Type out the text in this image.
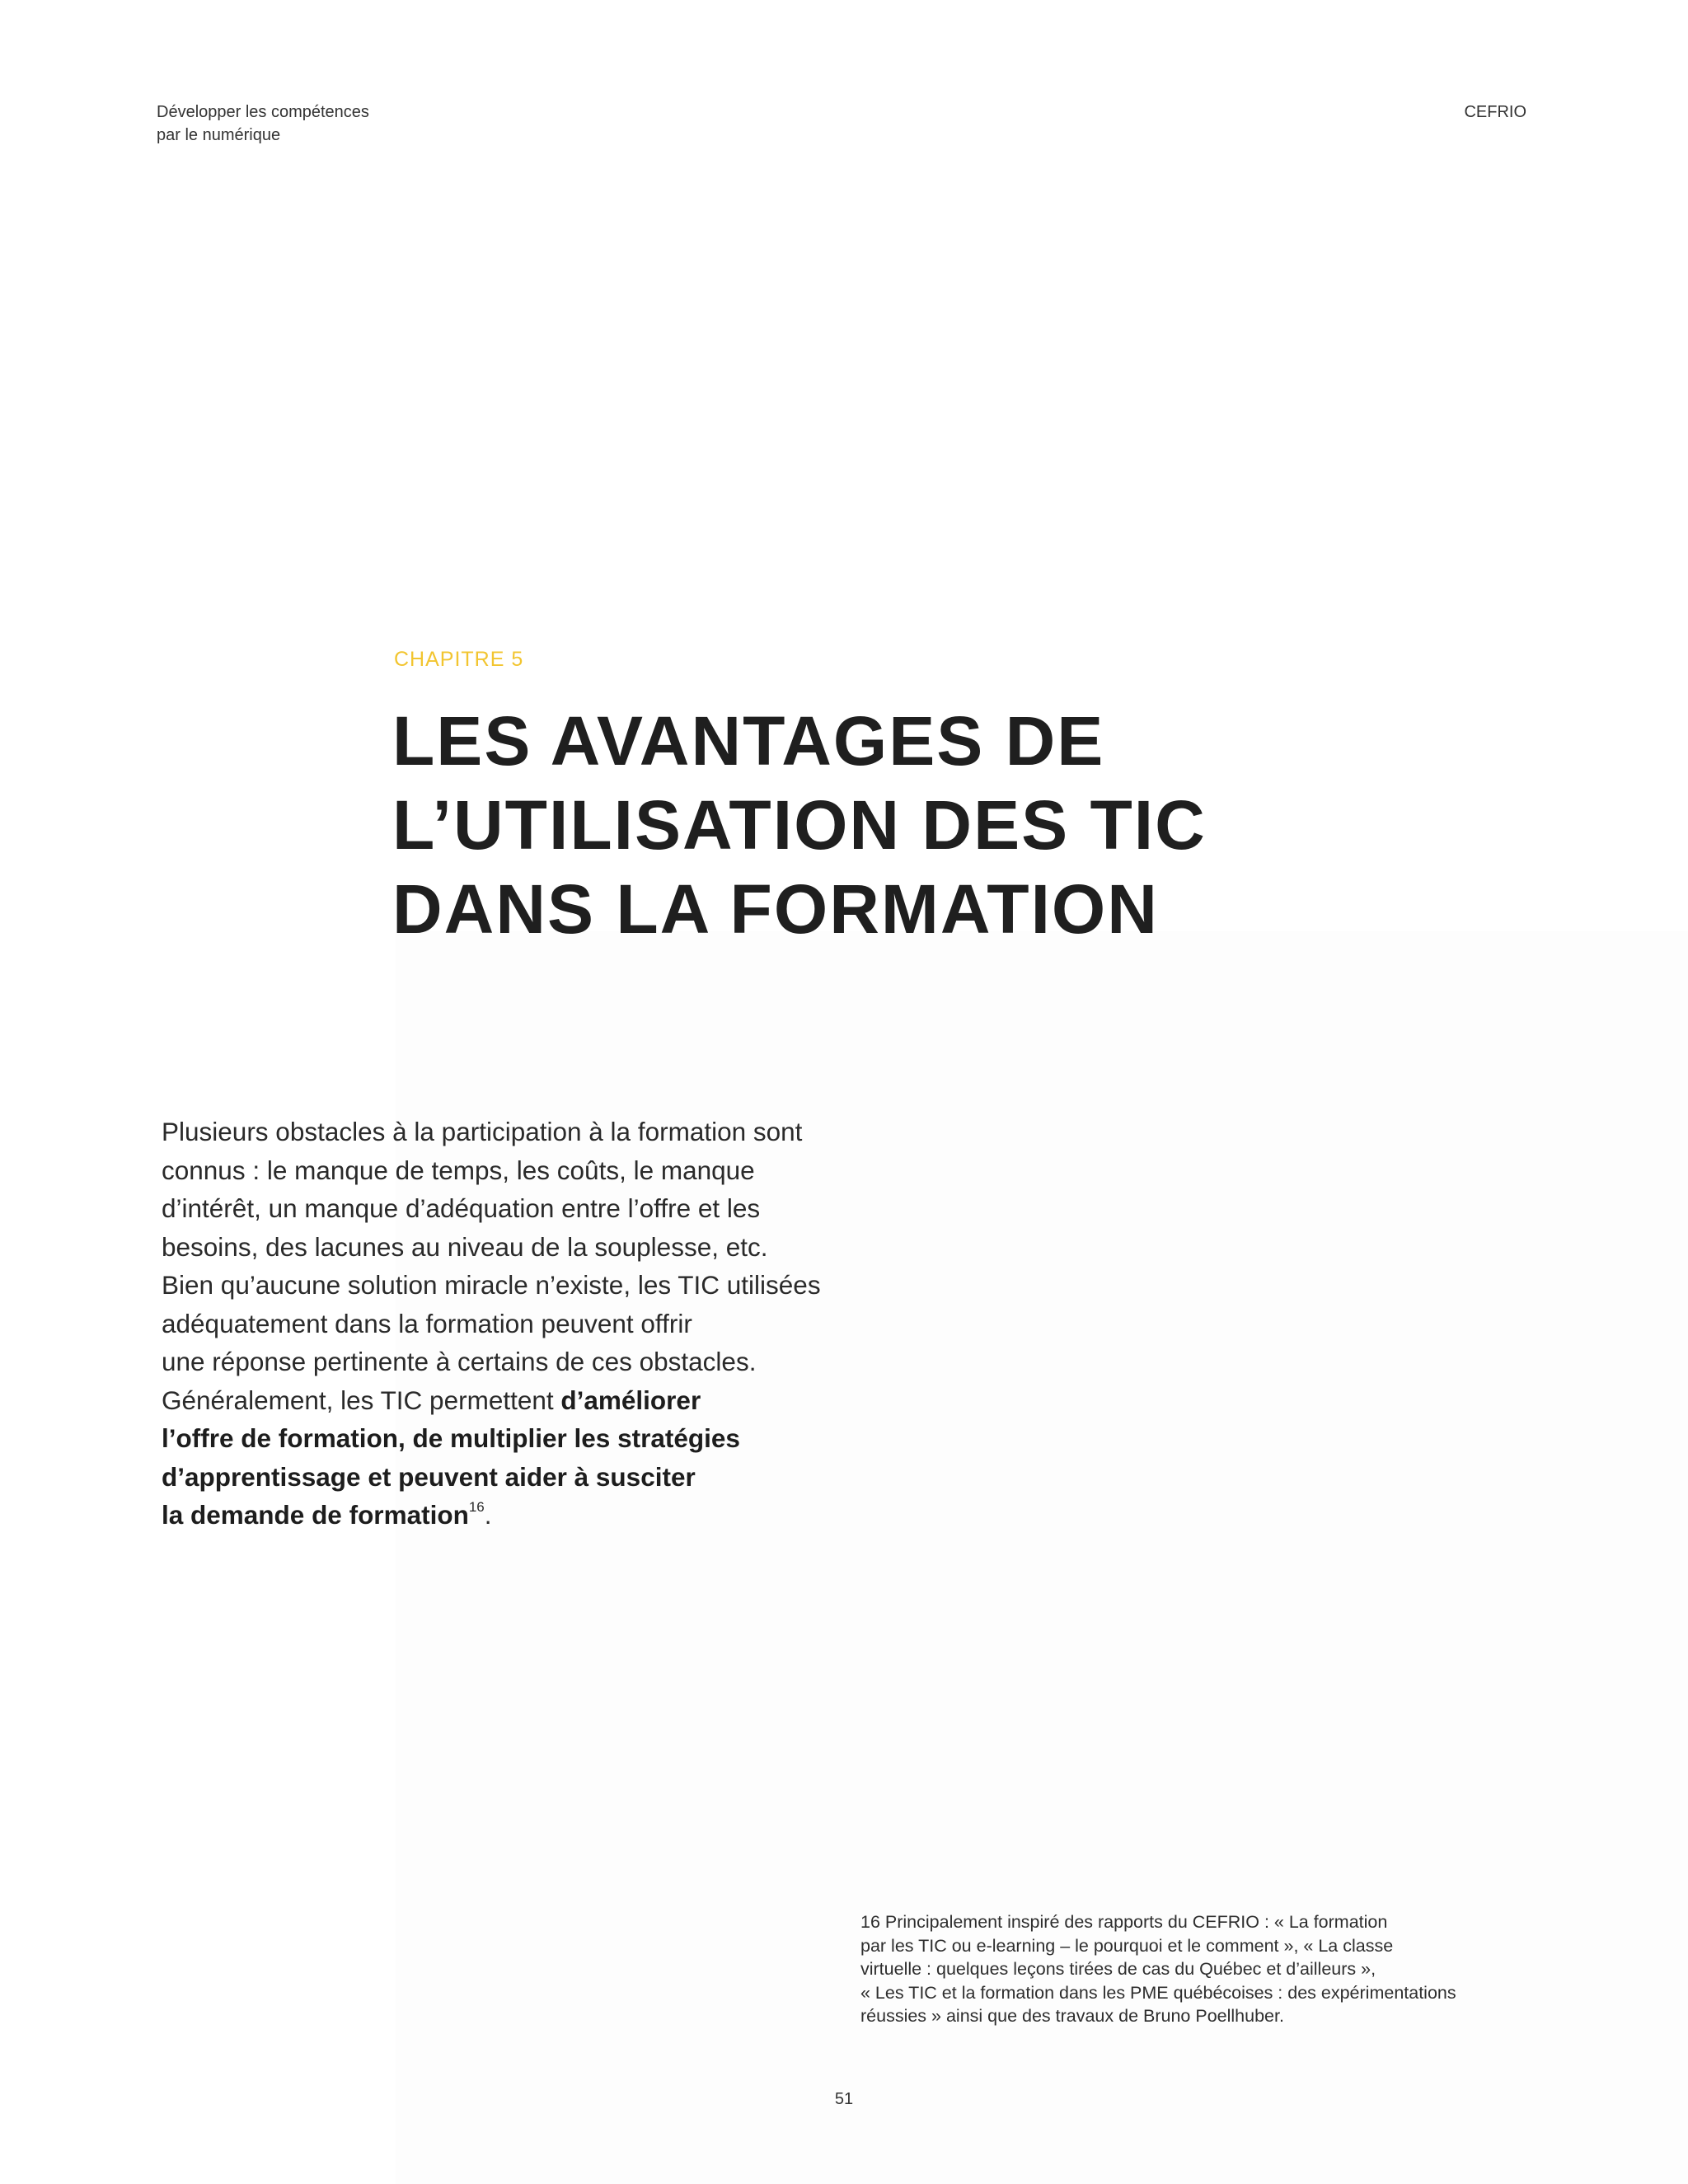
Développer les compétences
par le numérique
CEFRIO
CHAPITRE 5
LES AVANTAGES DE
L’UTILISATION DES TIC
DANS LA FORMATION
Plusieurs obstacles à la participation à la formation sont
connus : le manque de temps, les coûts, le manque
d’intérêt, un manque d’adéquation entre l’offre et les
besoins, des lacunes au niveau de la souplesse, etc.
Bien qu’aucune solution miracle n’existe, les TIC utilisées
adéquatement dans la formation peuvent offrir
une réponse pertinente à certains de ces obstacles.
Généralement, les TIC permettent d’améliorer
l’offre de formation, de multiplier les stratégies
d’apprentissage et peuvent aider à susciter
la demande de formation$^{16}$.
16 Principalement inspiré des rapports du CEFRIO : « La formation
par les TIC ou e-learning – le pourquoi et le comment », « La classe
virtuelle : quelques leçons tirées de cas du Québec et d’ailleurs »,
« Les TIC et la formation dans les PME québécoises : des expérimentations
réussies » ainsi que des travaux de Bruno Poellhuber.
51
